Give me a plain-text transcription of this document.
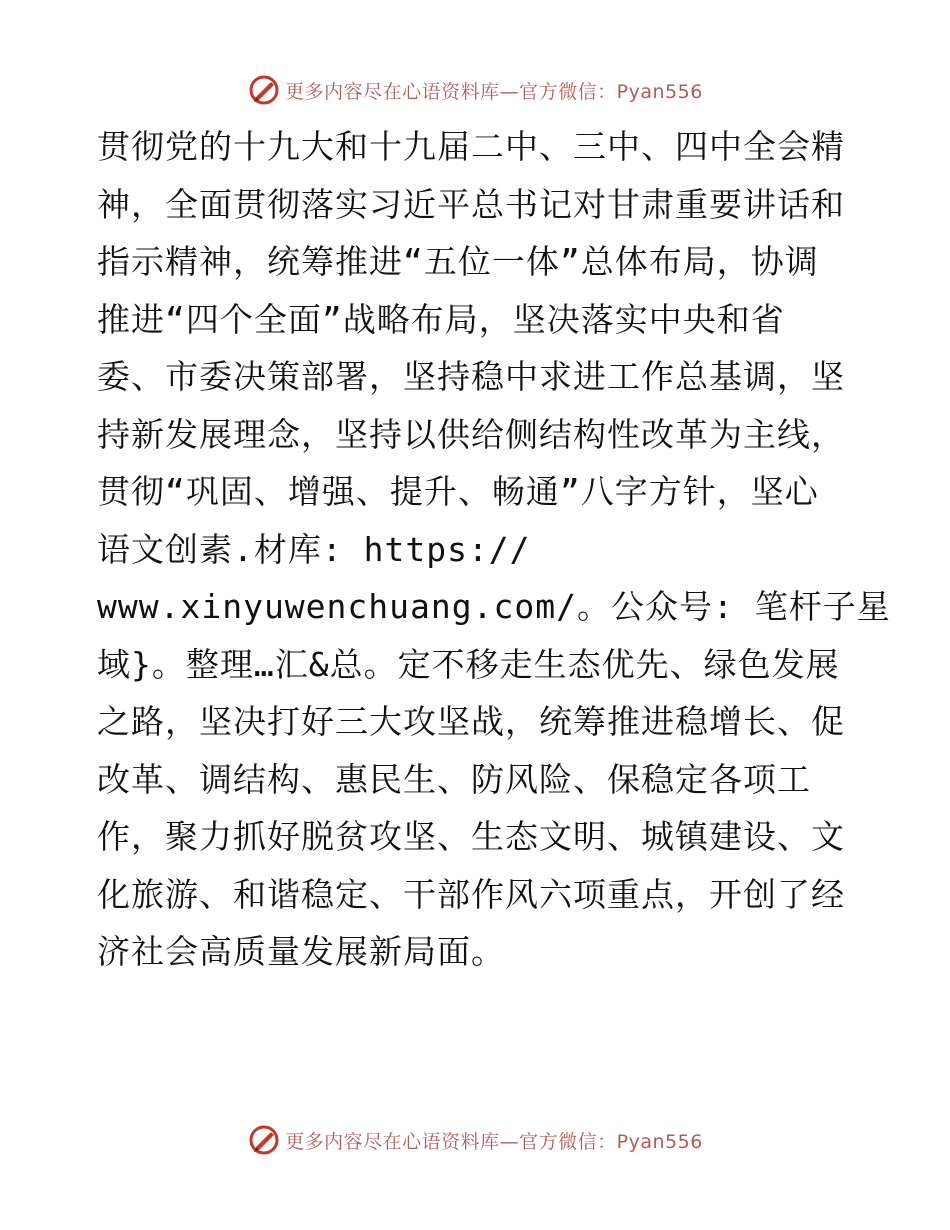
更多内容尽在心语资料库—官方微信：Pyan556
贯彻党的十九大和十九届二中、三中、四中全会精
神，全面贯彻落实习近平总书记对甘肃重要讲话和
指示精神，统筹推进“五位一体”总体布局，协调
推进“四个全面”战略布局，坚决落实中央和省
委、市委决策部署，坚持稳中求进工作总基调，坚
持新发展理念，坚持以供给侧结构性改革为主线，
贯彻“巩固、增强、提升、畅通”八字方针，坚心
语文创素.材库: https://
www.xinyuwenchuang.com/。公众号: 笔杆子星
域}。整理…汇&总。定不移走生态优先、绿色发展
之路，坚决打好三大攻坚战，统筹推进稳增长、促
改革、调结构、惠民生、防风险、保稳定各项工
作，聚力抓好脱贫攻坚、生态文明、城镇建设、文
化旅游、和谐稳定、干部作风六项重点，开创了经
济社会高质量发展新局面。
更多内容尽在心语资料库—官方微信：Pyan556
